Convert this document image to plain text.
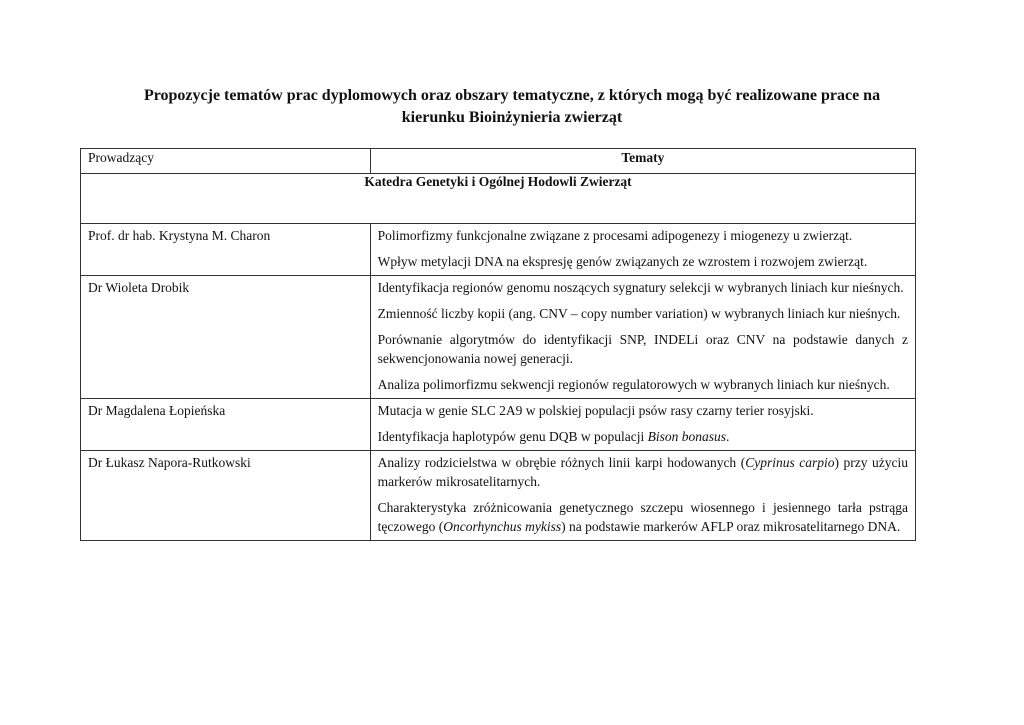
Propozycje tematów prac dyplomowych oraz obszary tematyczne, z których mogą być realizowane prace na
kierunku Bioinżynieria zwierząt
Prowadzący	Tematy
Katedra Genetyki i Ogólnej Hodowli Zwierząt	
Prof. dr hab. Krystyna M. Charon	Polimorfizmy funkcjonalne związane z procesami adipogenezy i miogenezy u zwierząt.

Wpływ metylacji DNA na ekspresję genów związanych ze wzrostem i rozwojem zwierząt.

Dr Wioleta Drobik	Identyfikacja regionów genomu noszących sygnatury selekcji w wybranych liniach kur nieśnych.

Zmienność liczby kopii (ang. CNV – copy number variation) w wybranych liniach kur nieśnych.

Porównanie algorytmów do identyfikacji SNP, INDELi oraz CNV na podstawie danych z sekwencjonowania nowej generacji.

Analiza polimorfizmu sekwencji regionów regulatorowych w wybranych liniach kur nieśnych.

Dr Magdalena Łopieńska	Mutacja w genie SLC 2A9 w polskiej populacji psów rasy czarny terier rosyjski.

Identyfikacja haplotypów genu DQB w populacji Bison bonasus.

Dr Łukasz Napora-Rutkowski	Analizy rodzicielstwa w obrębie różnych linii karpi hodowanych (Cyprinus carpio) przy użyciu markerów mikrosatelitarnych.

Charakterystyka zróżnicowania genetycznego szczepu wiosennego i jesiennego tarła pstrąga tęczowego (Oncorhynchus mykiss) na podstawie markerów AFLP oraz mikrosatelitarnego DNA.
